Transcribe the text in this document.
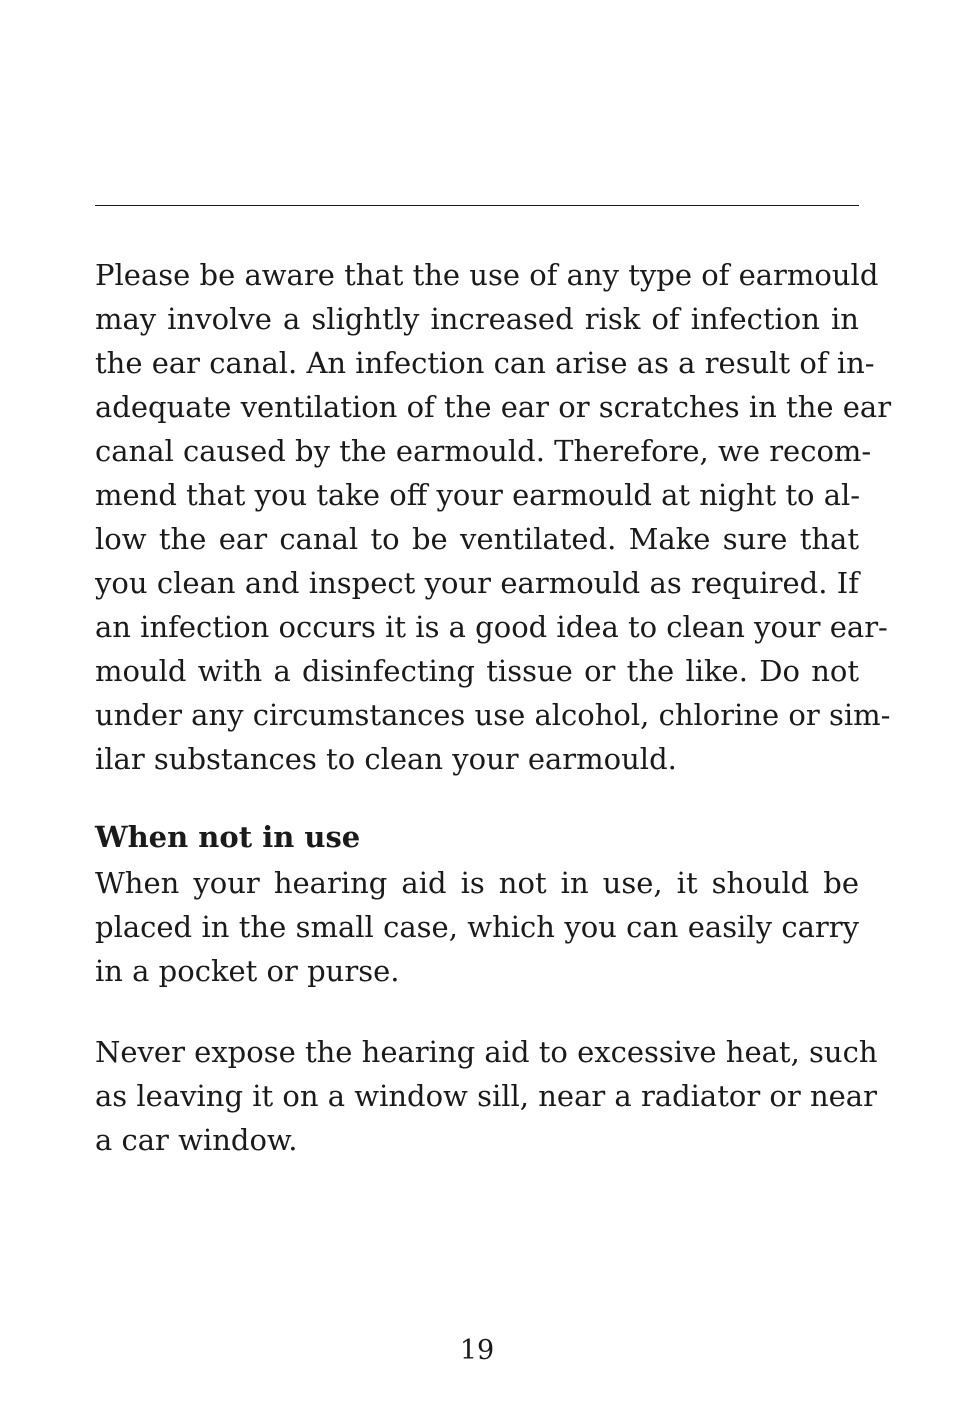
Please be aware that the use of any type of earmould
may involve a slightly increased risk of infection in
the ear canal. An infection can arise as a result of in-
adequate ventilation of the ear or scratches in the ear
canal caused by the earmould. Therefore, we recom-
mend that you take off your earmould at night to al-
low the ear canal to be ventilated. Make sure that
you clean and inspect your earmould as required. If
an infection occurs it is a good idea to clean your ear-
mould with a disinfecting tissue or the like. Do not
under any circumstances use alcohol, chlorine or sim-
ilar substances to clean your earmould.
When not in use
When your hearing aid is not in use, it should be
placed in the small case, which you can easily carry
in a pocket or purse.
Never expose the hearing aid to excessive heat, such
as leaving it on a window sill, near a radiator or near
a car window.
19
